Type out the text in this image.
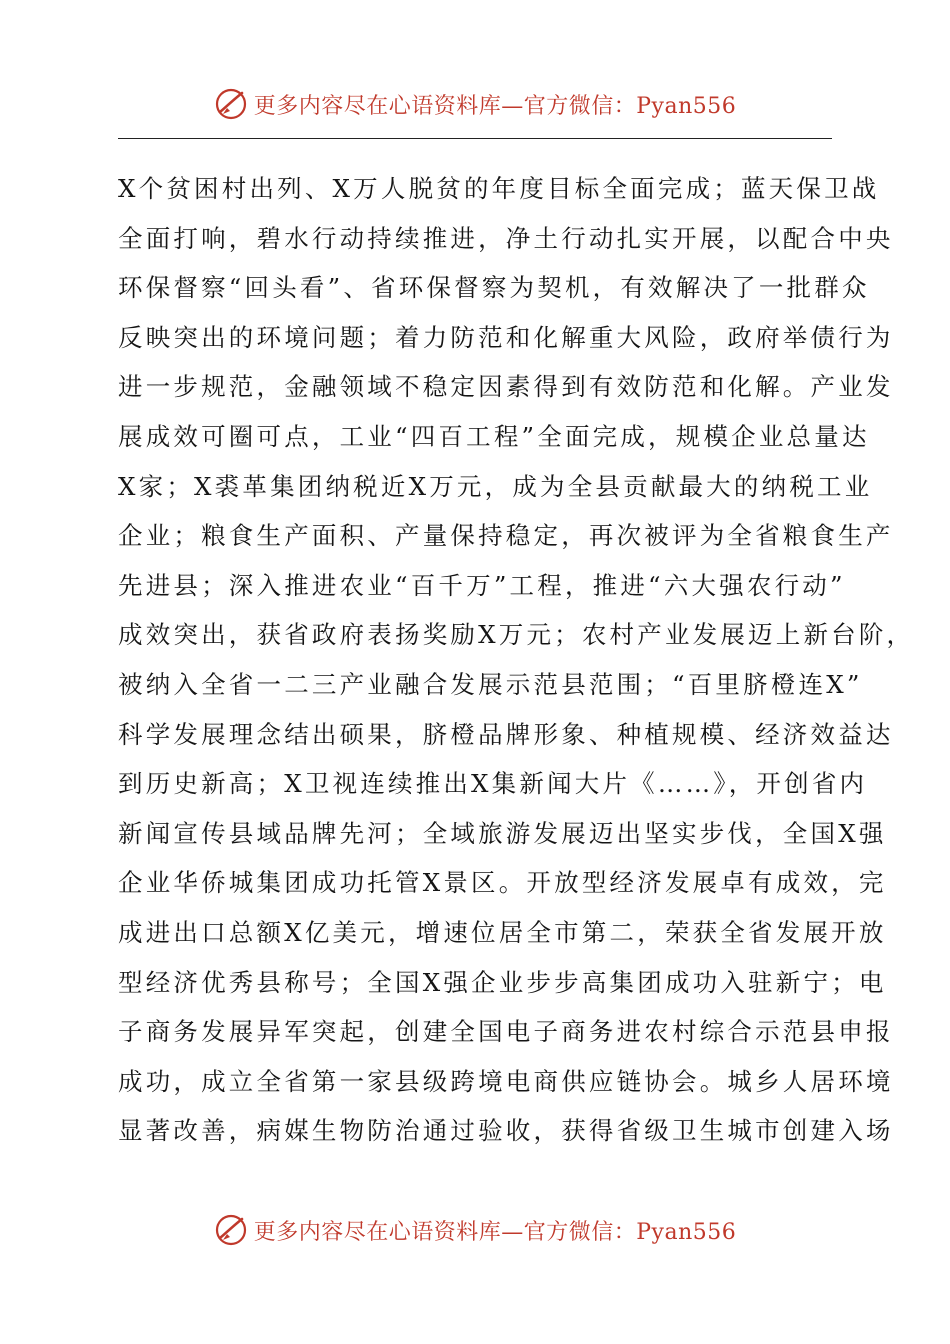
更多内容尽在心语资料库—官方微信：Pyan556
X个贫困村出列、X万人脱贫的年度目标全面完成；蓝天保卫战
全面打响，碧水行动持续推进，净土行动扎实开展，以配合中央
环保督察“回头看”、省环保督察为契机，有效解决了一批群众
反映突出的环境问题；着力防范和化解重大风险，政府举债行为
进一步规范，金融领域不稳定因素得到有效防范和化解。产业发
展成效可圈可点，工业“四百工程”全面完成，规模企业总量达
X家；X裘革集团纳税近X万元，成为全县贡献最大的纳税工业
企业；粮食生产面积、产量保持稳定，再次被评为全省粮食生产
先进县；深入推进农业“百千万”工程，推进“六大强农行动”
成效突出，获省政府表扬奖励X万元；农村产业发展迈上新台阶，
被纳入全省一二三产业融合发展示范县范围；“百里脐橙连X”
科学发展理念结出硕果，脐橙品牌形象、种植规模、经济效益达
到历史新高；X卫视连续推出X集新闻大片《……》，开创省内
新闻宣传县域品牌先河；全域旅游发展迈出坚实步伐，全国X强
企业华侨城集团成功托管X景区。开放型经济发展卓有成效，完
成进出口总额X亿美元，增速位居全市第二，荣获全省发展开放
型经济优秀县称号；全国X强企业步步高集团成功入驻新宁；电
子商务发展异军突起，创建全国电子商务进农村综合示范县申报
成功，成立全省第一家县级跨境电商供应链协会。城乡人居环境
显著改善，病媒生物防治通过验收，获得省级卫生城市创建入场
更多内容尽在心语资料库—官方微信：Pyan556
